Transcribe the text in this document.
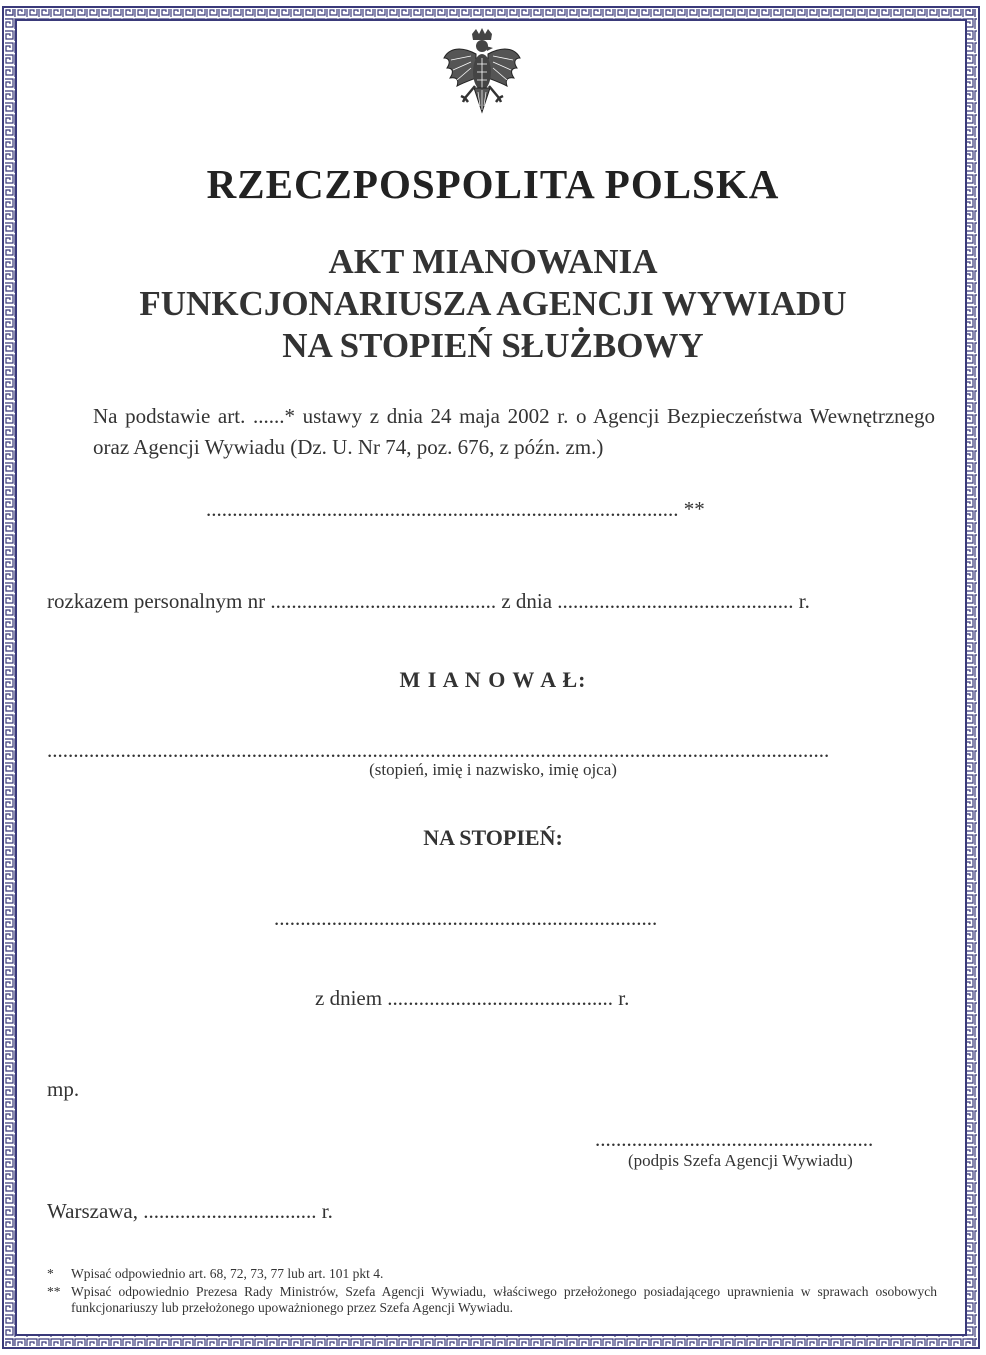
RZECZPOSPOLITA POLSKA
AKT MIANOWANIA
FUNKCJONARIUSZA AGENCJI WYWIADU
NA STOPIEŃ SŁUŻBOWY
Na podstawie art. ......* ustawy z dnia 24 maja 2002 r. o Agencji Bezpieczeństwa Wewnętrznego oraz Agencji Wywiadu (Dz. U. Nr 74, poz. 676, z późn. zm.)
.......................................................................................... **
rozkazem personalnym nr ........................................... z dnia ............................................. r.
M I A N O W A Ł:
.....................................................................................................................................................
(stopień, imię i nazwisko, imię ojca)
NA STOPIEŃ:
.........................................................................
z dniem ........................................... r.
mp.
.....................................................
(podpis Szefa Agencji Wywiadu)
Warszawa, ................................. r.
*	Wpisać odpowiednio art. 68, 72, 73, 77 lub art. 101 pkt 4.
** Wpisać odpowiednio Prezesa Rady Ministrów, Szefa Agencji Wywiadu, właściwego przełożonego posiadającego uprawnienia w sprawach osobowych funkcjonariuszy lub przełożonego upoważnionego przez Szefa Agencji Wywiadu.
